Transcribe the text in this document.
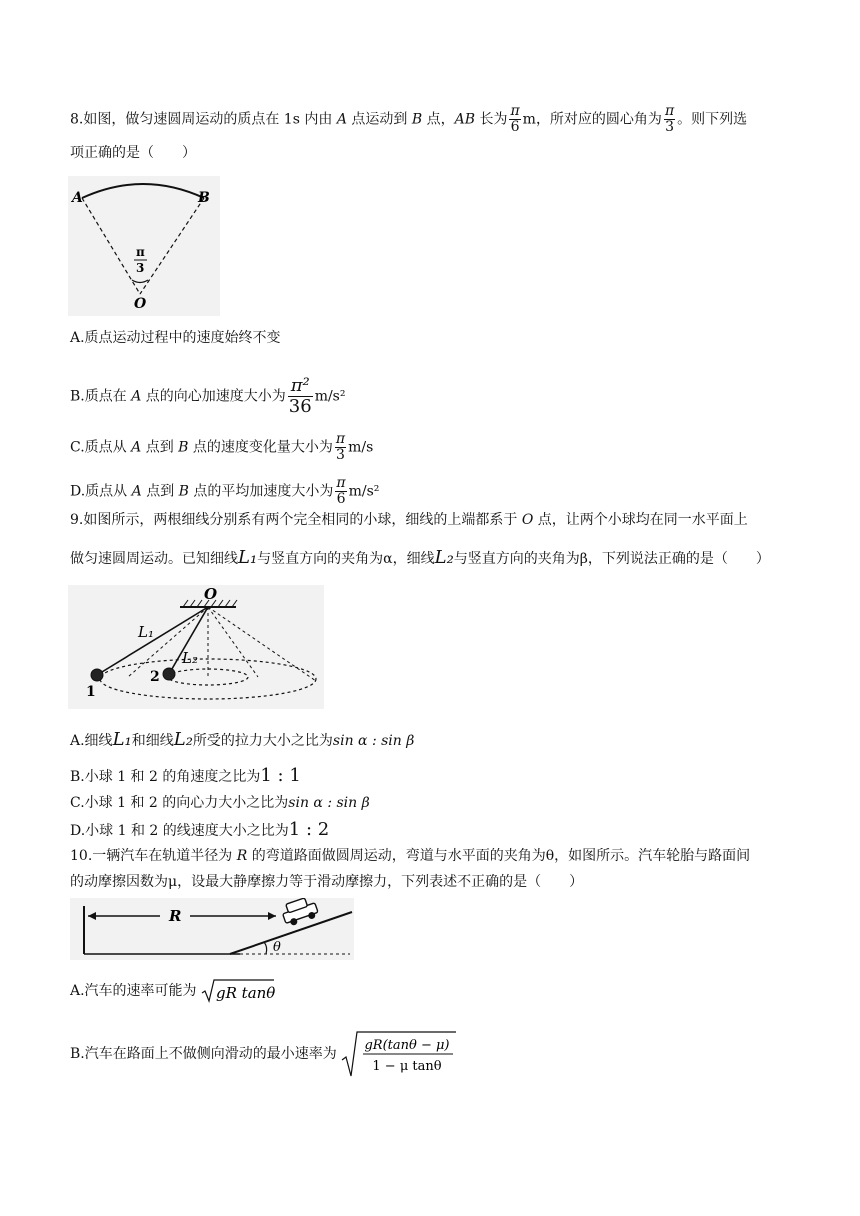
8.如图，做匀速圆周运动的质点在 1s 内由 A 点运动到 B 点，AB 长为 $\frac{\pi}{6}$ m，所对应的圆心角为 $\frac{\pi}{3}$ 。则下列选
项正确的是（　　）
A	B
O
π
3
A.质点运动过程中的速度始终不变
B.质点在 A 点的向心加速度大小为 $\frac{\text{π²}}{36} m/s^2$
C.质点从 A 点到 B 点的速度变化量大小为 $\frac{\pi}{3} m/s$
D.质点从 A 点到 B 点的平均加速度大小为 $\frac{\pi}{6} m/s^2$
9.如图所示，两根细线分别系有两个完全相同的小球，细线的上端都系于 O 点，让两个小球均在同一水平面上
做匀速圆周运动。已知细线L₁与竖直方向的夹角为α，细线L₂与竖直方向的夹角为β，下列说法正确的是（　　）
O
L₁
L₂
1
2
A.细线L₁和细线L₂所受的拉力大小之比为sin α : sin β
B.小球 1 和 2 的角速度之比为1 : 1
C.小球 1 和 2 的向心力大小之比为sin α : sin β
D.小球 1 和 2 的线速度大小之比为1 : 2
10.一辆汽车在轨道半径为 R 的弯道路面做圆周运动，弯道与水平面的夹角为θ，如图所示。汽车轮胎与路面间
的动摩擦因数为μ，设最大静摩擦力等于滑动摩擦力，下列表述不正确的是（　　）
R
θ
A.汽车的速率可能为 gR tanθ
B.汽车在路面上不做侧向滑动的最小速率为
gR(tanθ − μ)
1 − μ tanθ
